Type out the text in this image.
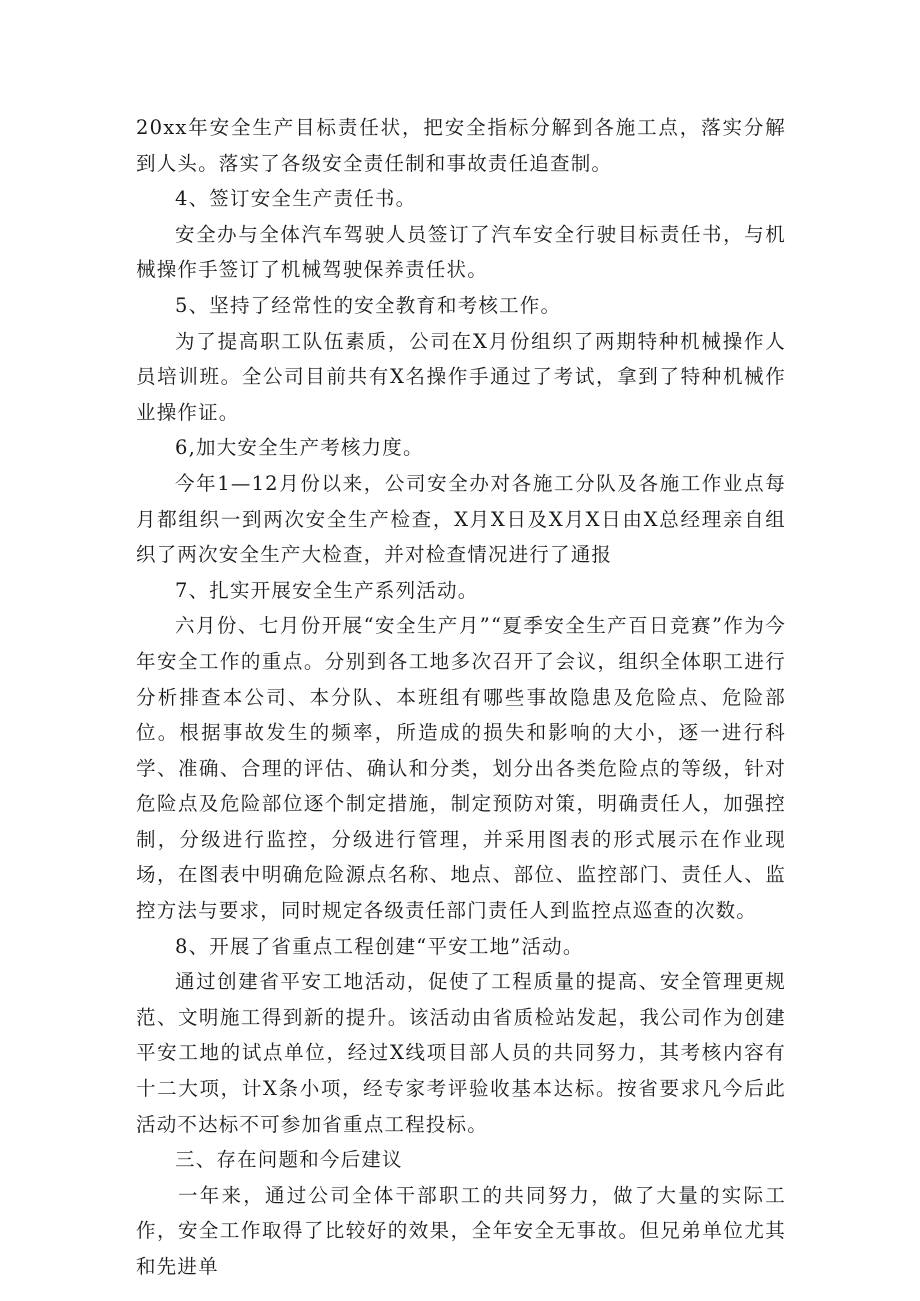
20xx年安全生产目标责任状，把安全指标分解到各施工点，落实分解到人头。落实了各级安全责任制和事故责任追查制。

4、签订安全生产责任书。

安全办与全体汽车驾驶人员签订了汽车安全行驶目标责任书，与机械操作手签订了机械驾驶保养责任状。

5、坚持了经常性的安全教育和考核工作。

为了提高职工队伍素质，公司在X月份组织了两期特种机械操作人员培训班。全公司目前共有X名操作手通过了考试，拿到了特种机械作业操作证。

6,加大安全生产考核力度。

今年1—12月份以来，公司安全办对各施工分队及各施工作业点每月都组织一到两次安全生产检查，X月X日及X月X日由X总经理亲自组织了两次安全生产大检查，并对检查情况进行了通报

7、扎实开展安全生产系列活动。

六月份、七月份开展“安全生产月”“夏季安全生产百日竞赛”作为今年安全工作的重点。分别到各工地多次召开了会议，组织全体职工进行分析排查本公司、本分队、本班组有哪些事故隐患及危险点、危险部位。根据事故发生的频率，所造成的损失和影响的大小，逐一进行科学、准确、合理的评估、确认和分类，划分出各类危险点的等级，针对危险点及危险部位逐个制定措施，制定预防对策，明确责任人，加强控制，分级进行监控，分级进行管理，并采用图表的形式展示在作业现场，在图表中明确危险源点名称、地点、部位、监控部门、责任人、监控方法与要求，同时规定各级责任部门责任人到监控点巡查的次数。

8、开展了省重点工程创建“平安工地”活动。

通过创建省平安工地活动，促使了工程质量的提高、安全管理更规范、文明施工得到新的提升。该活动由省质检站发起，我公司作为创建平安工地的试点单位，经过X线项目部人员的共同努力，其考核内容有十二大项，计X条小项，经专家考评验收基本达标。按省要求凡今后此活动不达标不可参加省重点工程投标。

三、存在问题和今后建议

一年来，通过公司全体干部职工的共同努力，做了大量的实际工作，安全工作取得了比较好的效果，全年安全无事故。但兄弟单位尤其和先进单
